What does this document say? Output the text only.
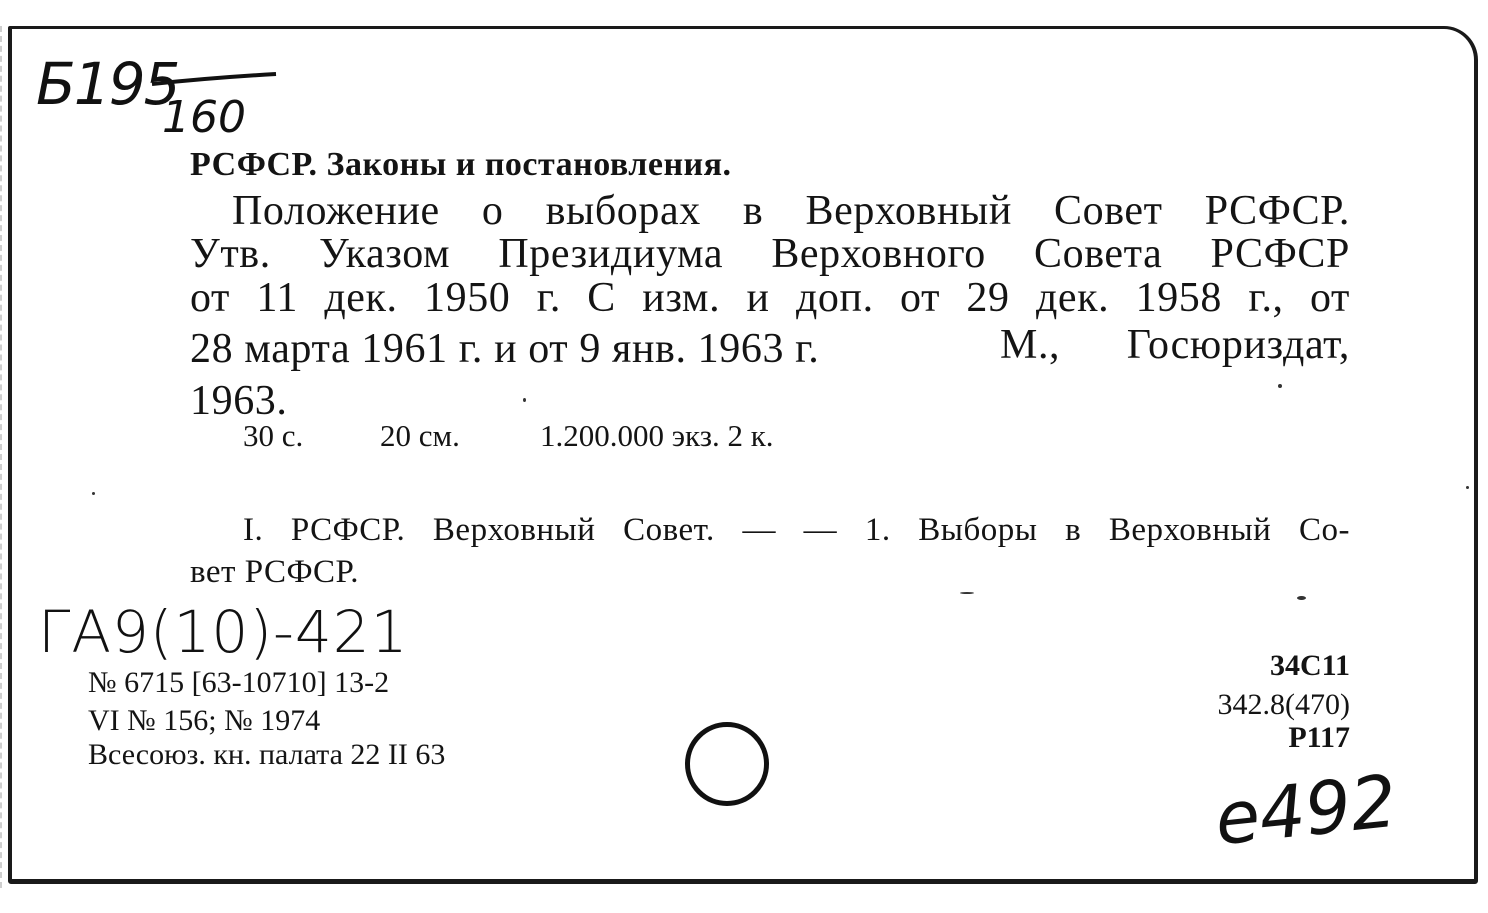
Б195
160
РСФСР. Законы и постановления.
Положение о выборах в Верховный Совет РСФСР.
Утв. Указом Президиума Верховного Совета РСФСР
от 11 дек. 1950 г. С изм. и доп. от 29 дек. 1958 г., от
28 марта 1961 г. и от 9 янв. 1963 г.	М., Госюриздат,
1963.
30 с. 20 см.	1.200.000 экз. 2 к.
I. РСФСР. Верховный Совет. — — 1. Выборы в Верховный Со-
вет РСФСР.
ГА9(10)-421
№ 6715 [63-10710] 13-2
VI № 156; № 1974
Всесоюз. кн. палата 22 II 63
34С11
342.8(470)
Р117
е492
